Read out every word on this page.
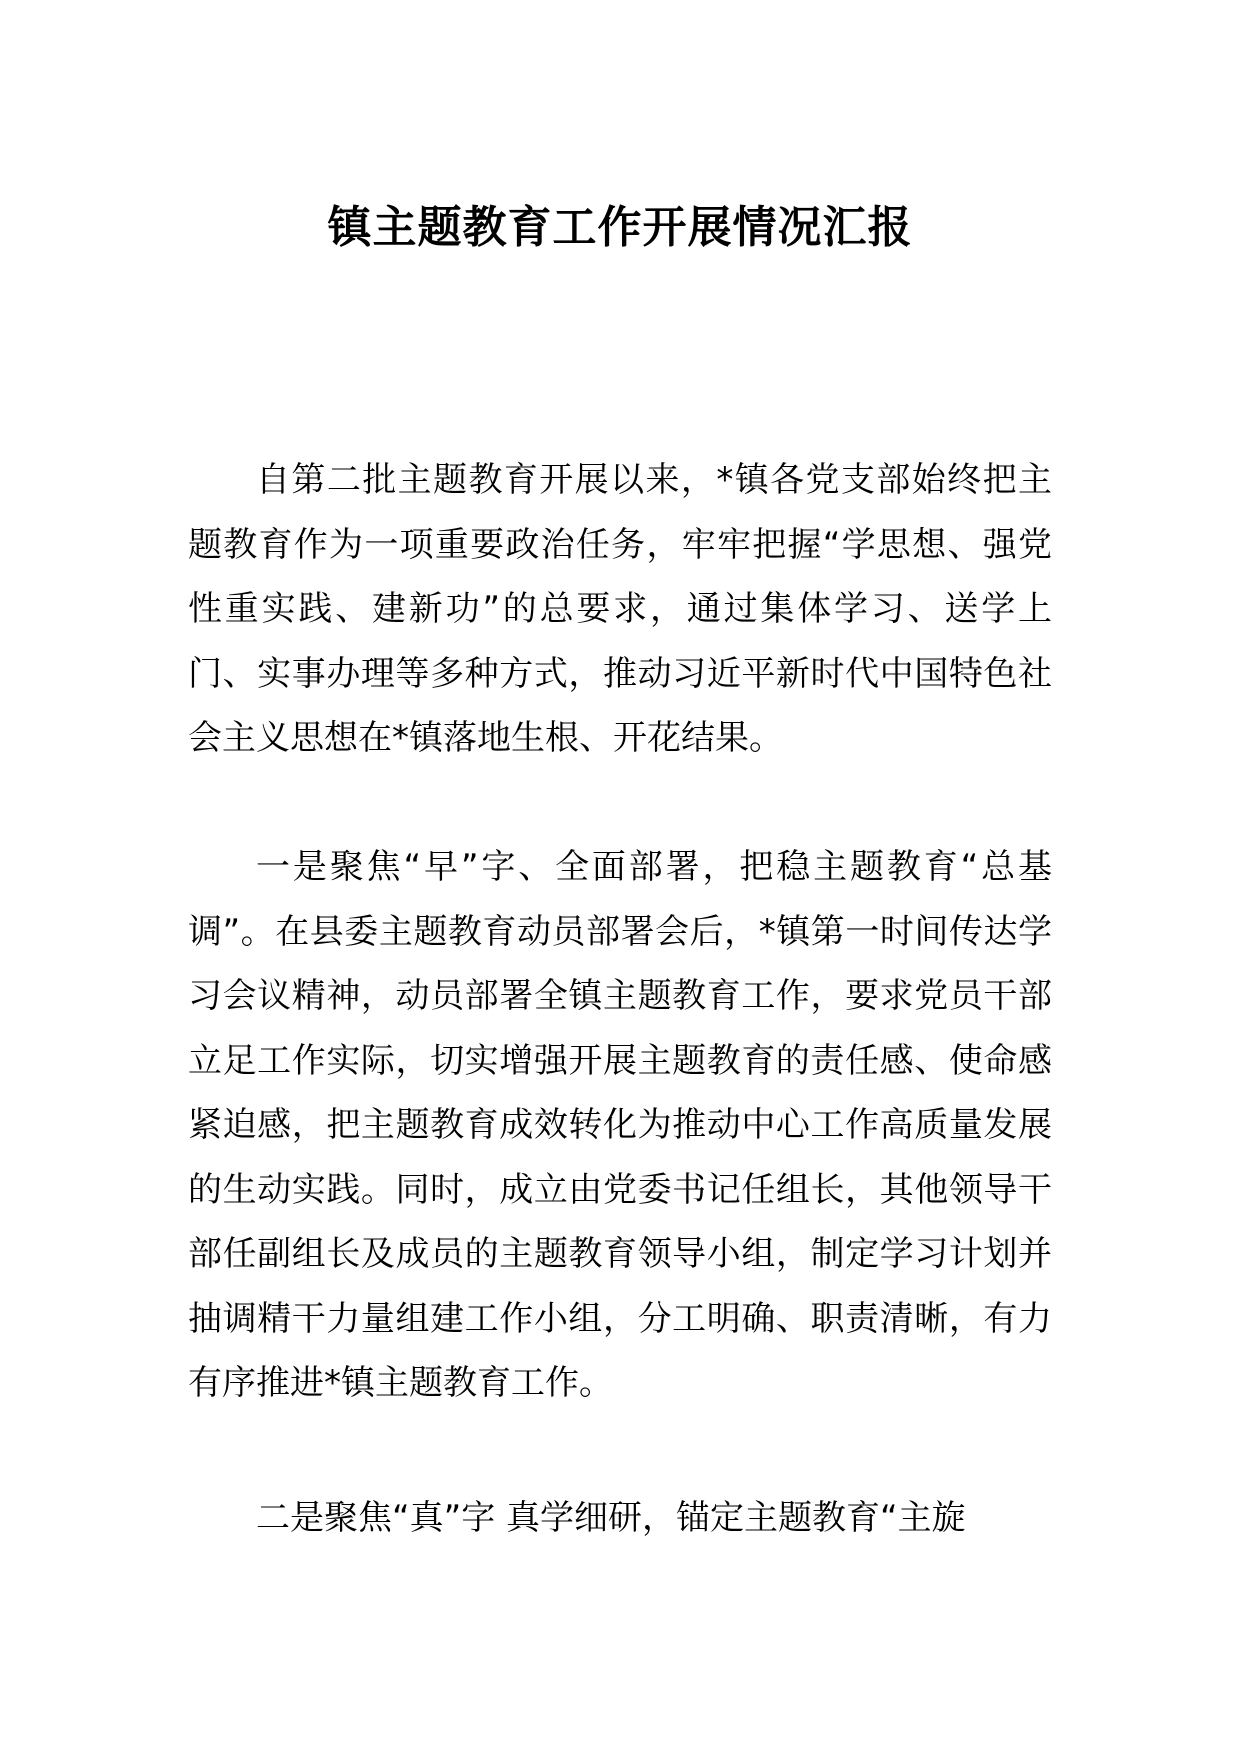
镇主题教育工作开展情况汇报

自第二批主题教育开展以来，*镇各党支部始终把主题教育作为一项重要政治任务，牢牢把握“学思想、强党性重实践、建新功”的总要求，通过集体学习、送学上门、实事办理等多种方式，推动习近平新时代中国特色社会主义思想在*镇落地生根、开花结果。

一是聚焦“早”字、全面部署，把稳主题教育“总基调”。在县委主题教育动员部署会后，*镇第一时间传达学习会议精神，动员部署全镇主题教育工作，要求党员干部立足工作实际，切实增强开展主题教育的责任感、使命感紧迫感，把主题教育成效转化为推动中心工作高质量发展的生动实践。同时，成立由党委书记任组长，其他领导干部任副组长及成员的主题教育领导小组，制定学习计划并抽调精干力量组建工作小组，分工明确、职责清晰，有力有序推进*镇主题教育工作。

二是聚焦“真”字 真学细研，锚定主题教育“主旋
